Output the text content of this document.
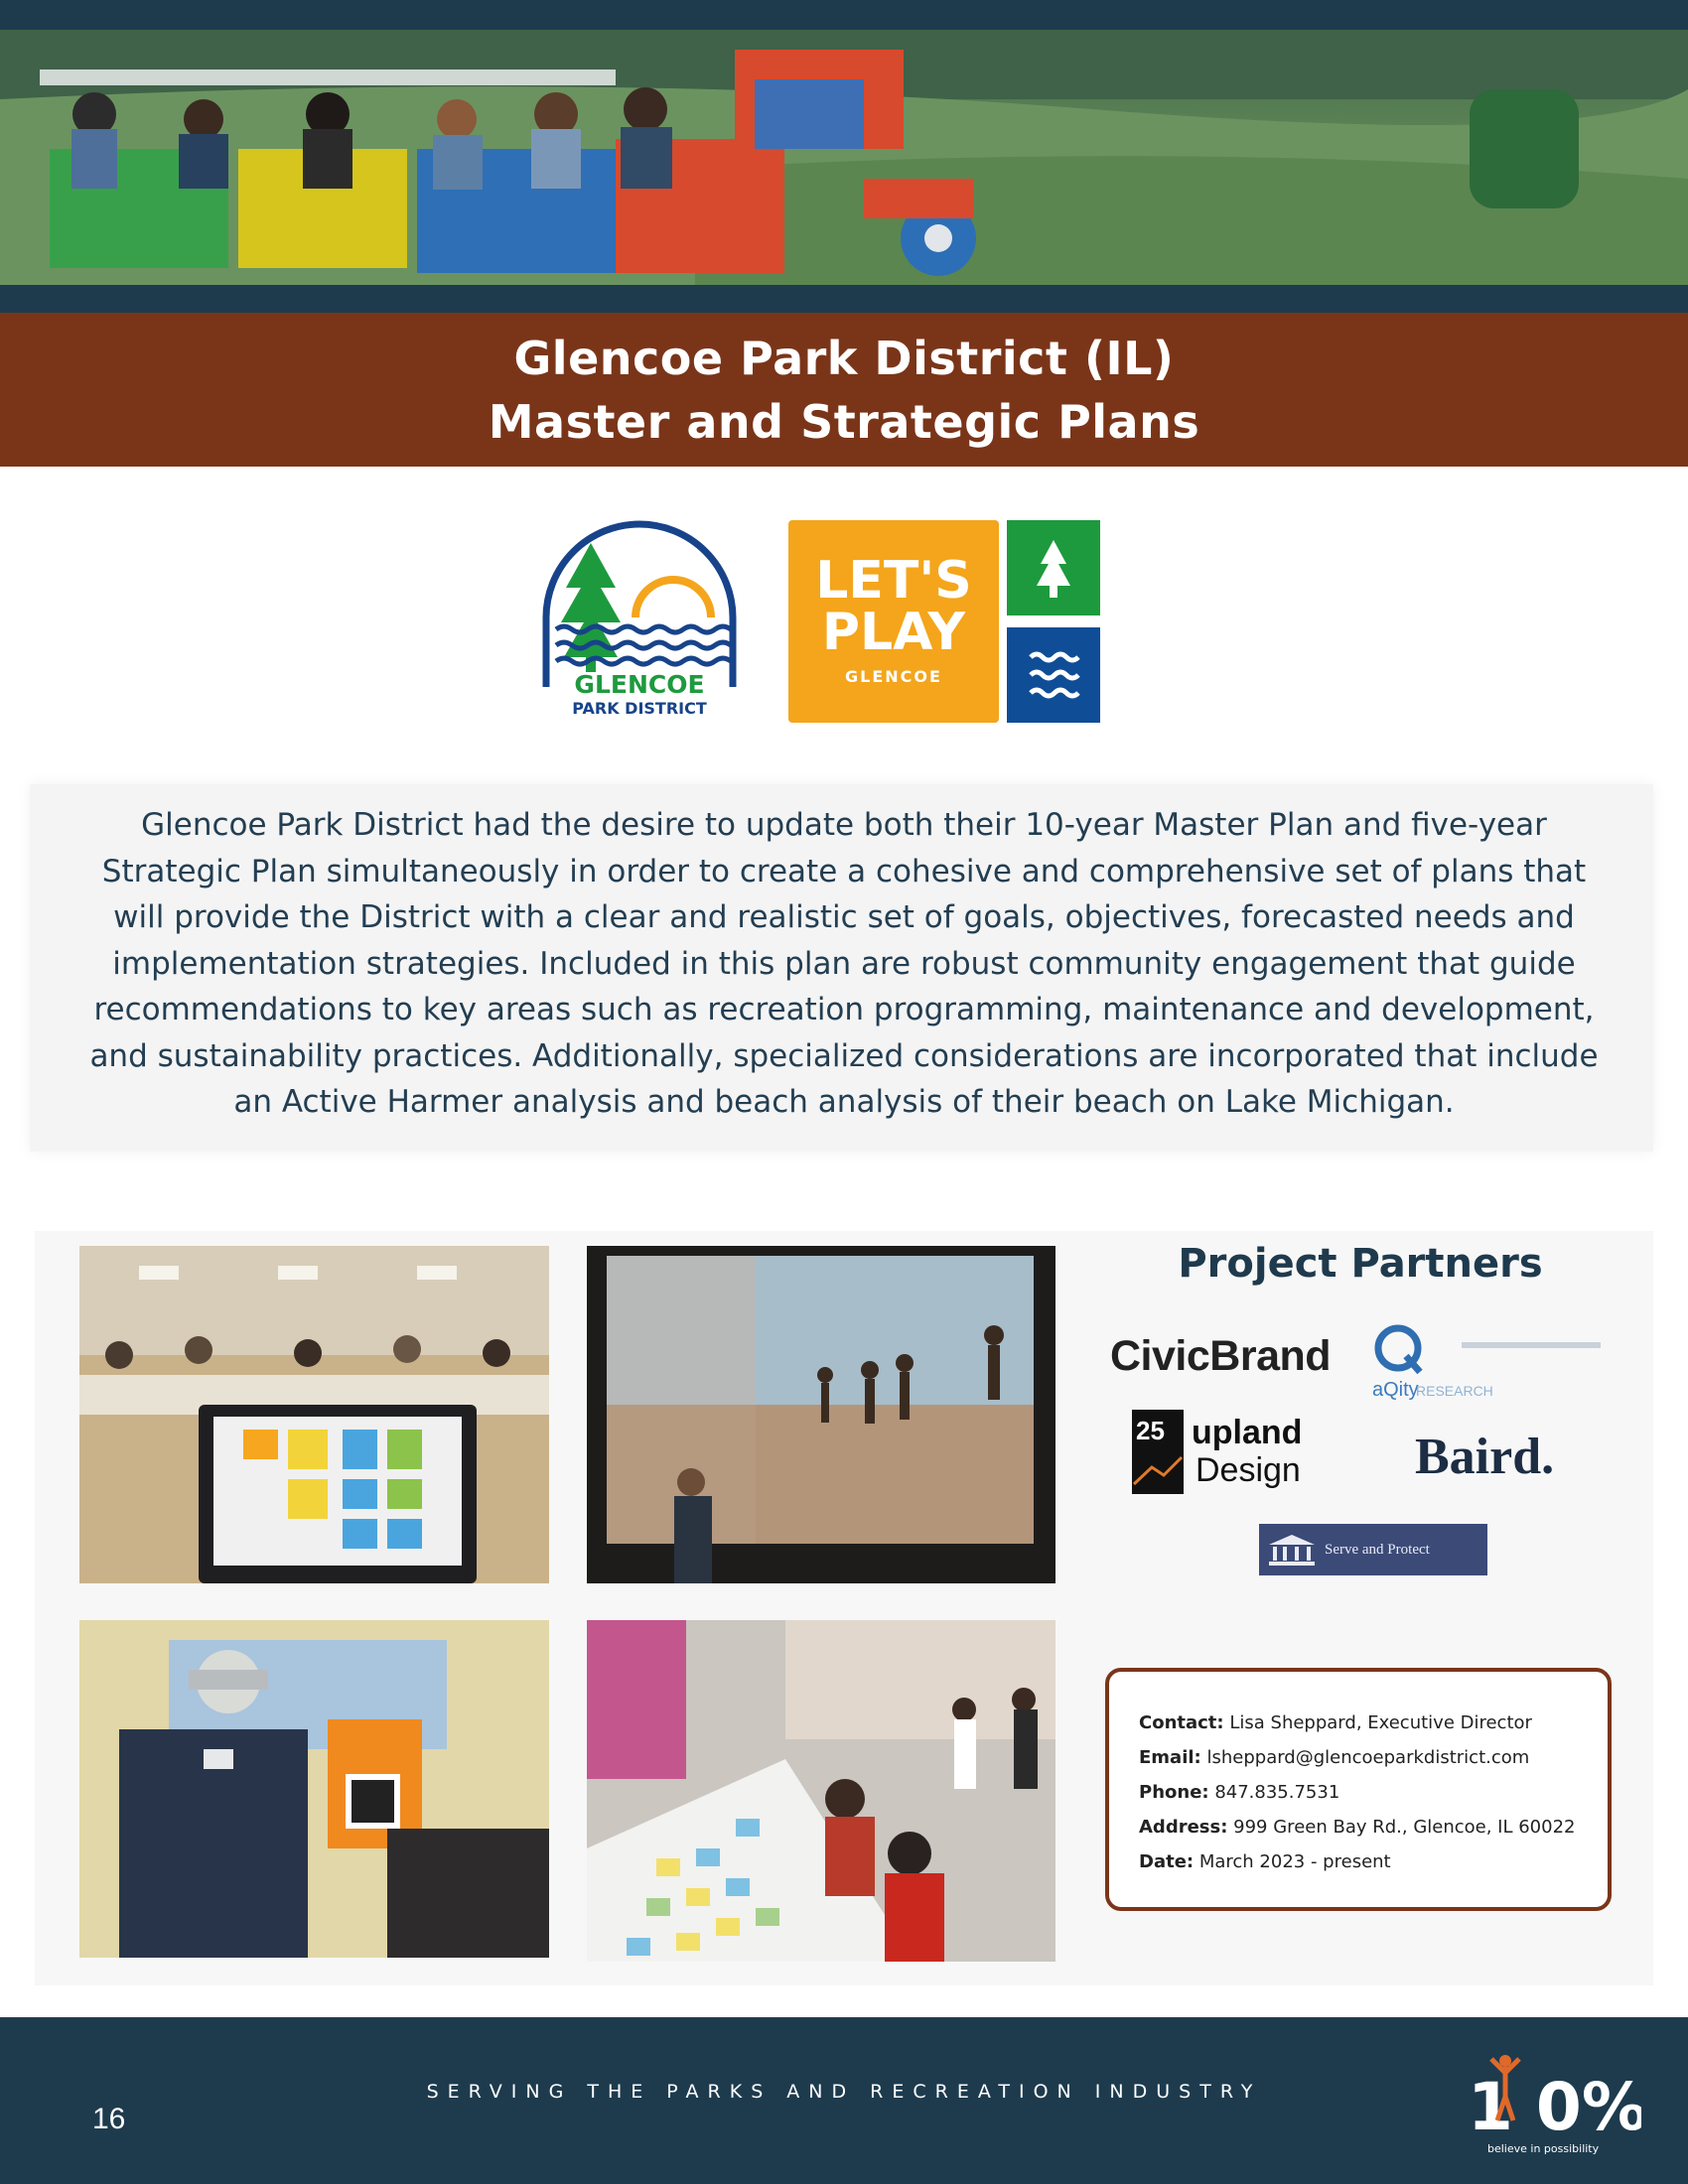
Glencoe Park District (IL)
Master and Strategic Plans
GLENCOE
PARK DISTRICT
LET'S
PLAY
GLENCOE
Glencoe Park District had the desire to update both their 10-year Master Plan and five-year Strategic Plan simultaneously in order to create a cohesive and comprehensive set of plans that will provide the District with a clear and realistic set of goals, objectives, forecasted needs and implementation strategies. Included in this plan are robust community engagement that guide recommendations to key areas such as recreation programming, maintenance and development, and sustainability practices. Additionally, specialized considerations are incorporated that include an Active Harmer analysis and beach analysis of their beach on Lake Michigan.
Project Partners
CivicBrand
aQity
RESEARCH
25 upland
Design Baird.
Serve and Protect
Contact: Lisa Sheppard, Executive Director
Email: lsheppard@glencoeparkdistrict.com
Phone: 847.835.7531
Address: 999 Green Bay Rd., Glencoe, IL 60022
Date: March 2023 - present
SERVING THE PARKS AND RECREATION INDUSTRY
16	1 0%
believe in possibility
